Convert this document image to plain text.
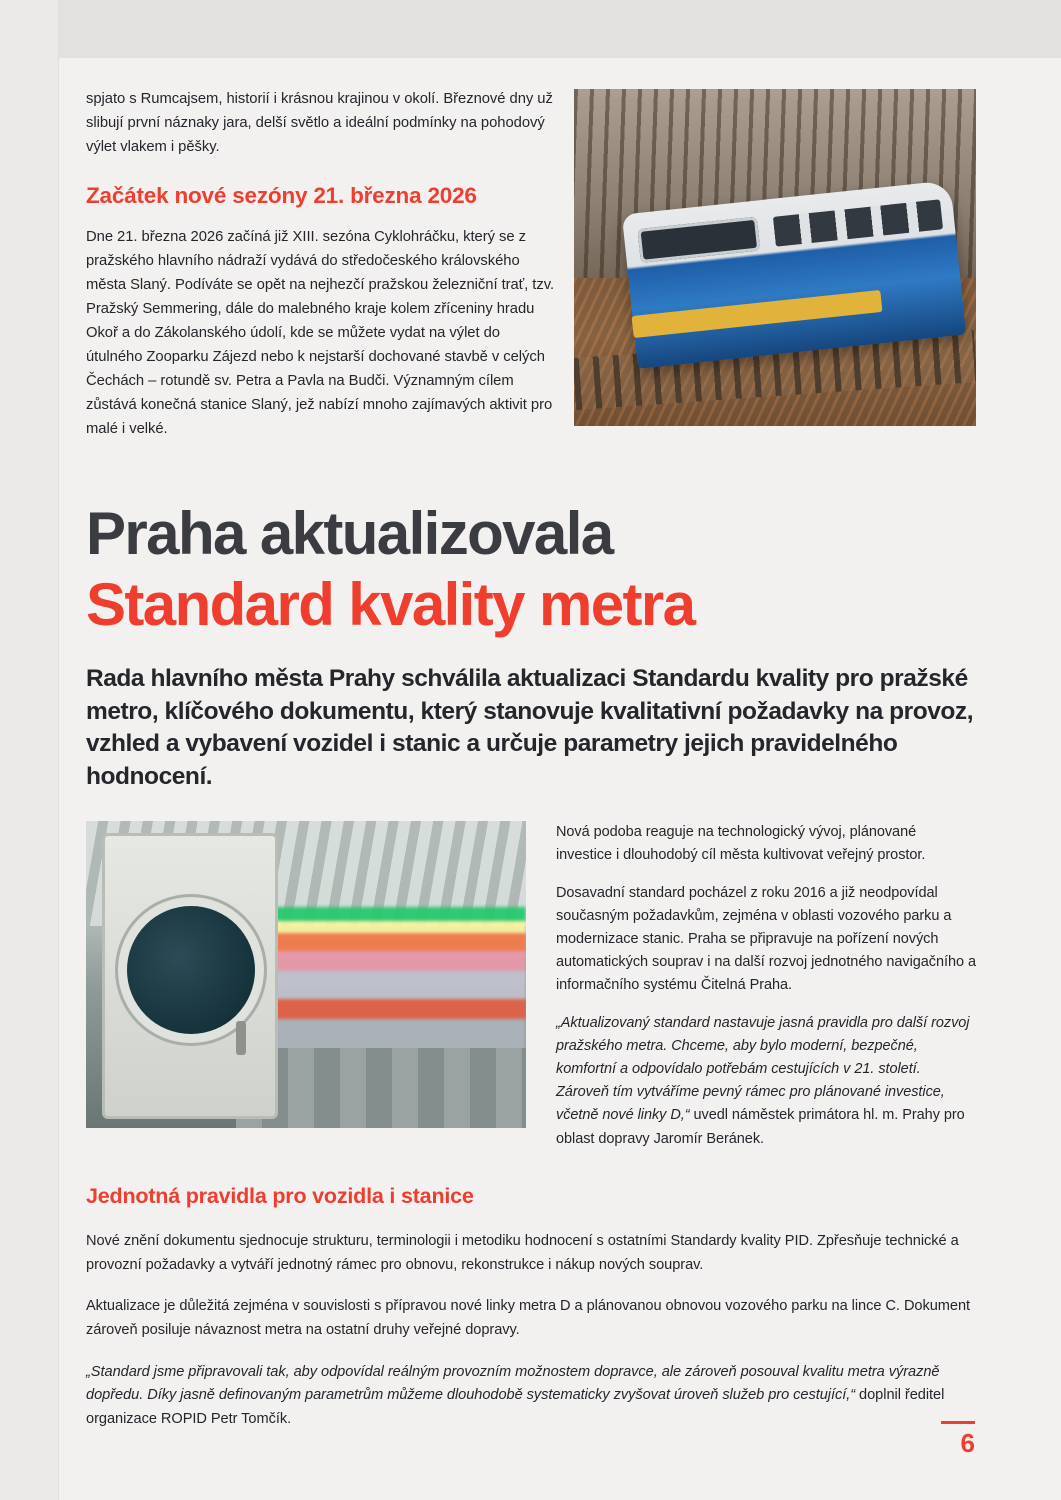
spjato s Rumcajsem, historií i krásnou krajinou v okolí. Březnové dny už slibují první náznaky jara, delší světlo a ideální podmínky na pohodový výlet vlakem i pěšky.

Začátek nové sezóny 21. března 2026

Dne 21. března 2026 začíná již XIII. sezóna Cyklohráčku, který se z pražského hlavního nádraží vydává do středočeského královského města Slaný. Podíváte se opět na nejhezčí pražskou železniční trať, tzv. Pražský Semmering, dále do malebného kraje kolem zříceniny hradu Okoř a do Zákolanského údolí, kde se můžete vydat na výlet do útulného Zooparku Zájezd nebo k nejstarší dochované stavbě v celých Čechách – rotundě sv. Petra a Pavla na Budči. Významným cílem zůstává konečná stanice Slaný, jež nabízí mnoho zajímavých aktivit pro malé i velké.

Praha aktualizovala
Standard kvality metra

Rada hlavního města Prahy schválila aktualizaci Standardu kvality pro pražské metro, klíčového dokumentu, který stanovuje kvalitativní požadavky na provoz, vzhled a vybavení vozidel i stanic a určuje parametry jejich pravidelného hodnocení.

Nová podoba reaguje na technologický vývoj, plánované investice i dlouhodobý cíl města kultivovat veřejný prostor.

Dosavadní standard pocházel z roku 2016 a již neodpovídal současným požadavkům, zejména v oblasti vozového parku a modernizace stanic. Praha se připravuje na pořízení nových automatických souprav i na další rozvoj jednotného navigačního a informačního systému Čitelná Praha.

„Aktualizovaný standard nastavuje jasná pravidla pro další rozvoj pražského metra. Chceme, aby bylo moderní, bezpečné, komfortní a odpovídalo potřebám cestujících v 21. století. Zároveň tím vytváříme pevný rámec pro plánované investice, včetně nové linky D,“ uvedl náměstek primátora hl. m. Prahy pro oblast dopravy Jaromír Beránek.

Jednotná pravidla pro vozidla i stanice

Nové znění dokumentu sjednocuje strukturu, terminologii i metodiku hodnocení s ostatními Standardy kvality PID. Zpřesňuje technické a provozní požadavky a vytváří jednotný rámec pro obnovu, rekonstrukce i nákup nových souprav.

Aktualizace je důležitá zejména v souvislosti s přípravou nové linky metra D a plánovanou obnovou vozového parku na lince C. Dokument zároveň posiluje návaznost metra na ostatní druhy veřejné dopravy.

„Standard jsme připravovali tak, aby odpovídal reálným provozním možnostem dopravce, ale zároveň posouval kvalitu metra výrazně dopředu. Díky jasně definovaným parametrům můžeme dlouhodobě systematicky zvyšovat úroveň služeb pro cestující,“ doplnil ředitel organizace ROPID Petr Tomčík.

6
